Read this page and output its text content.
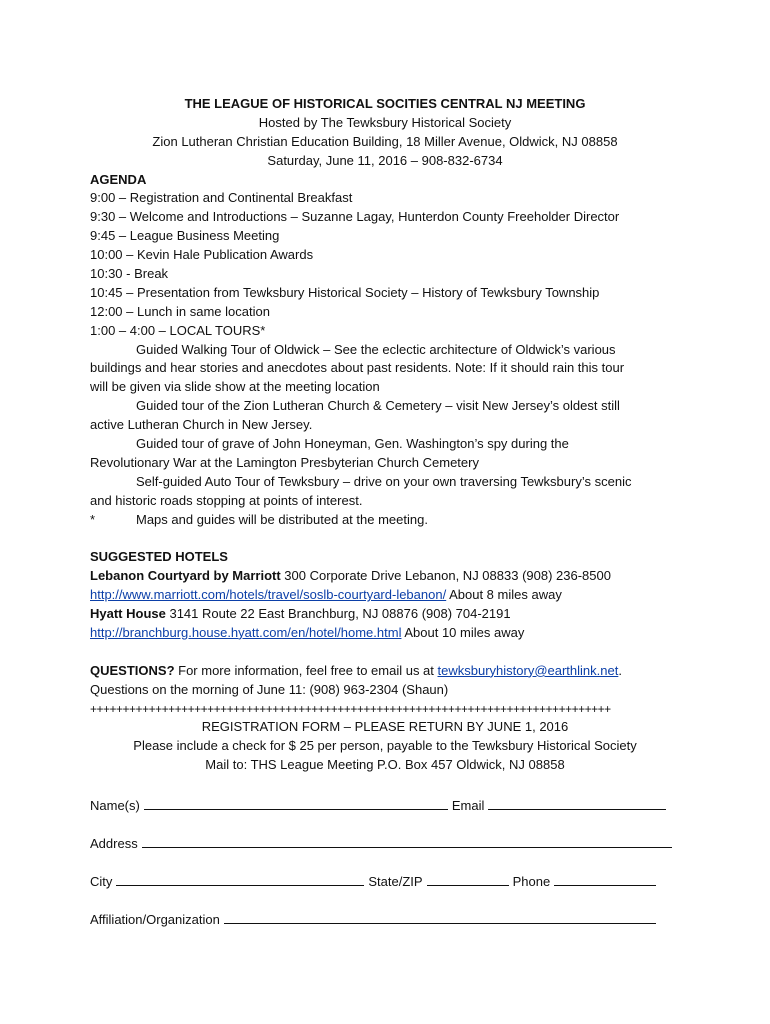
THE LEAGUE OF HISTORICAL SOCITIES CENTRAL NJ MEETING
Hosted by The Tewksbury Historical Society
Zion Lutheran Christian Education Building, 18 Miller Avenue, Oldwick, NJ 08858
Saturday, June 11, 2016 – 908-832-6734
AGENDA
9:00 – Registration and Continental Breakfast
9:30 – Welcome and Introductions – Suzanne Lagay, Hunterdon County Freeholder Director
9:45 – League Business Meeting
10:00 – Kevin Hale Publication Awards
10:30 - Break
10:45 – Presentation from Tewksbury Historical Society – History of Tewksbury Township
12:00 – Lunch in same location
1:00 – 4:00 – LOCAL TOURS*
Guided Walking Tour of Oldwick – See the eclectic architecture of Oldwick’s various
buildings and hear stories and anecdotes about past residents. Note: If it should rain this tour
will be given via slide show at the meeting location
Guided tour of the Zion Lutheran Church & Cemetery – visit New Jersey’s oldest still
active Lutheran Church in New Jersey.
Guided tour of grave of John Honeyman, Gen. Washington’s spy during the
Revolutionary War at the Lamington Presbyterian Church Cemetery
Self-guided Auto Tour of Tewksbury – drive on your own traversing Tewksbury’s scenic
and historic roads stopping at points of interest.
*	Maps and guides will be distributed at the meeting.
SUGGESTED HOTELS
Lebanon Courtyard by Marriott 300 Corporate Drive Lebanon, NJ 08833 (908) 236-8500
http://www.marriott.com/hotels/travel/soslb-courtyard-lebanon/ About 8 miles away
Hyatt House 3141 Route 22 East Branchburg, NJ 08876 (908) 704-2191
http://branchburg.house.hyatt.com/en/hotel/home.html About 10 miles away
QUESTIONS? For more information, feel free to email us at tewksburyhistory@earthlink.net.
Questions on the morning of June 11: (908) 963-2304 (Shaun)
++++++++++++++++++++++++++++++++++++++++++++++++++++++++++++++++++++++++++++++++
REGISTRATION FORM – PLEASE RETURN BY JUNE 1, 2016
Please include a check for $ 25 per person, payable to the Tewksbury Historical Society
Mail to: THS League Meeting P.O. Box 457 Oldwick, NJ 08858
Name(s)	Email
Address
City	State/ZIP	Phone
Affiliation/Organization
